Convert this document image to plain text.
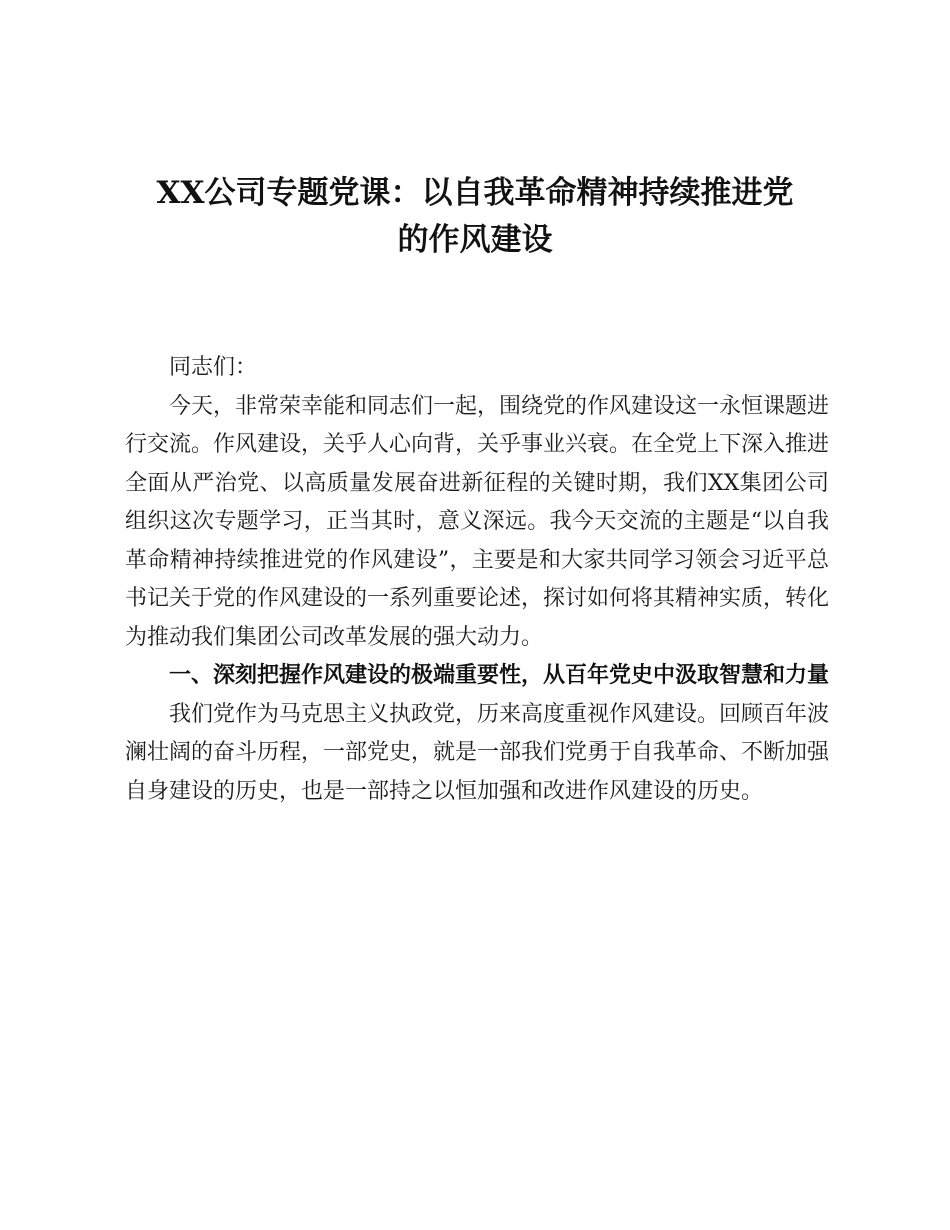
XX公司专题党课：以自我革命精神持续推进党
的作风建设

同志们：

今天，非常荣幸能和同志们一起，围绕党的作风建设这一永恒课题进行交流。作风建设，关乎人心向背，关乎事业兴衰。在全党上下深入推进全面从严治党、以高质量发展奋进新征程的关键时期，我们XX集团公司组织这次专题学习，正当其时，意义深远。我今天交流的主题是“以自我革命精神持续推进党的作风建设”，主要是和大家共同学习领会习近平总书记关于党的作风建设的一系列重要论述，探讨如何将其精神实质，转化为推动我们集团公司改革发展的强大动力。

一、深刻把握作风建设的极端重要性，从百年党史中汲取智慧和力量

我们党作为马克思主义执政党，历来高度重视作风建设。回顾百年波澜壮阔的奋斗历程，一部党史，就是一部我们党勇于自我革命、不断加强自身建设的历史，也是一部持之以恒加强和改进作风建设的历史。
